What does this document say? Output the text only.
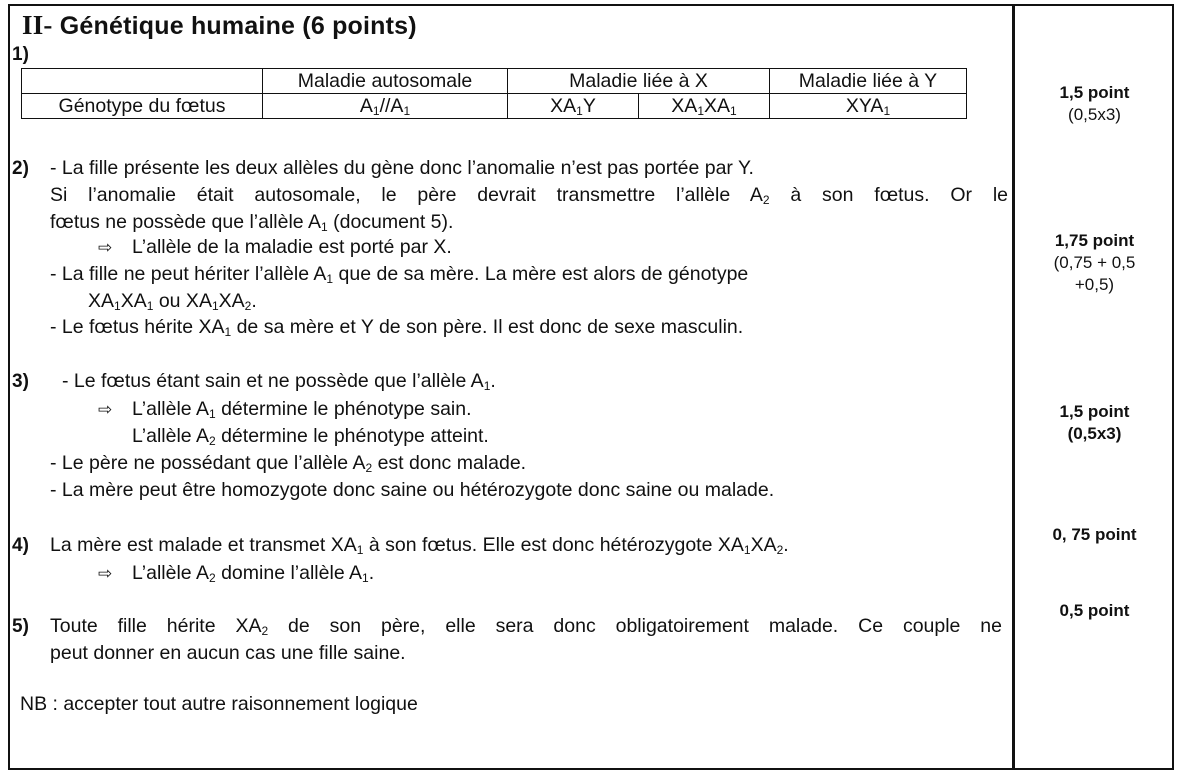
II- Génétique humaine (6 points)
1)
	Maladie autosomale	Maladie liée à X		Maladie liée à Y
Génotype du fœtus	$A_1//A_1$	$XA_1Y$	$XA_1XA_1$	$XYA_1$
1,5 point
(0,5x3)
2) - La fille présente les deux allèles du gène donc l’anomalie n’est pas portée par Y.
Si l’anomalie était autosomale, le père devrait transmettre l’allèle $A_2$ à son fœtus. Or le
fœtus ne possède que l’allèle $A_1$ (document 5).
⇨ L’allèle de la maladie est porté par X.
- La fille ne peut hériter l’allèle $A_1$ que de sa mère. La mère est alors de génotype
$XA_1XA_1$ ou $XA_1XA_2$.
- Le fœtus hérite $XA_1$ de sa mère et Y de son père. Il est donc de sexe masculin.
1,75 point
(0,75 + 0,5
+0,5)
3) - Le fœtus étant sain et ne possède que l’allèle $A_1$.
⇨ L’allèle $A_1$ détermine le phénotype sain.
L’allèle $A_2$ détermine le phénotype atteint.
- Le père ne possédant que l’allèle $A_2$ est donc malade.
- La mère peut être homozygote donc saine ou hétérozygote donc saine ou malade.
1,5 point
(0,5x3)
4) La mère est malade et transmet $XA_1$ à son fœtus. Elle est donc hétérozygote $XA_1XA_2$.
⇨ L’allèle $A_2$ domine l’allèle $A_1$.
0, 75 point
5) Toute fille hérite $XA_2$ de son père, elle sera donc obligatoirement malade. Ce couple ne
peut donner en aucun cas une fille saine.
0,5 point
NB : accepter tout autre raisonnement logique
